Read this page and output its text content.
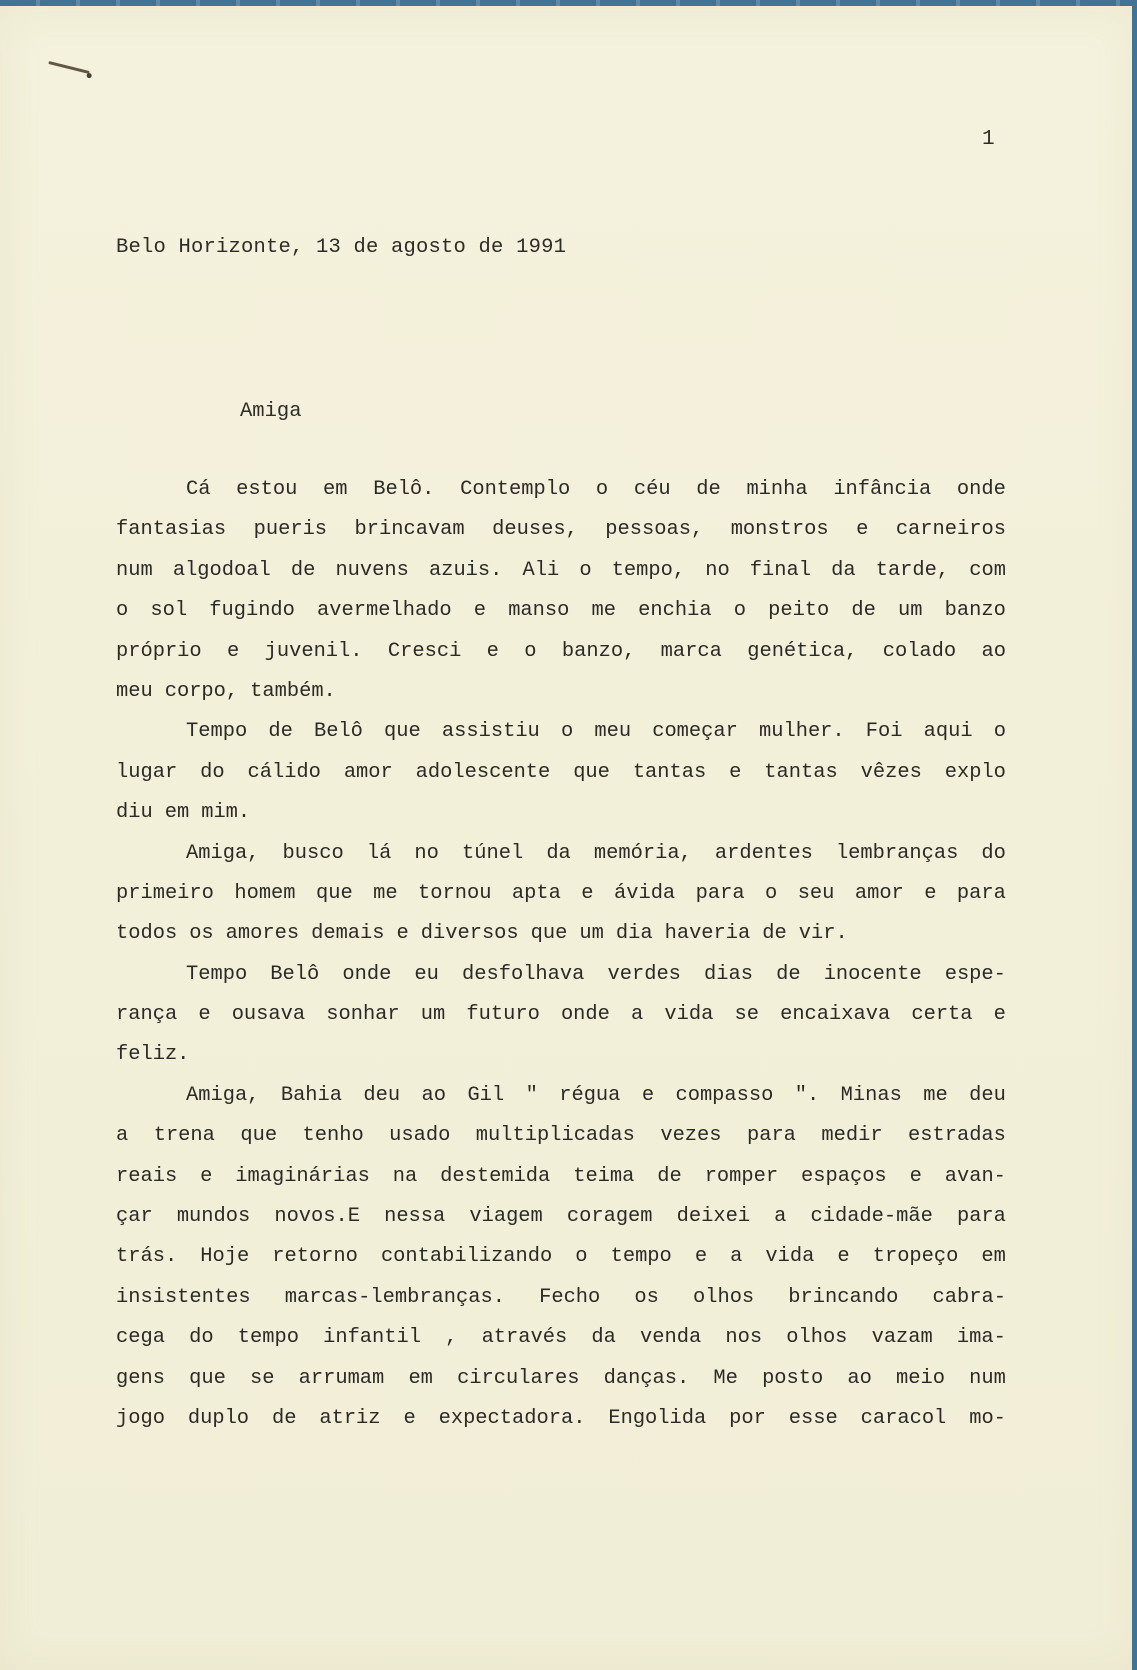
1
Belo Horizonte, 13 de agosto de 1991
Amiga
Cá estou em Belô. Contemplo o céu de minha infância onde
fantasias pueris brincavam deuses, pessoas, monstros e carneiros
num algodoal de nuvens azuis. Ali o tempo, no final da tarde, com
o sol fugindo avermelhado e manso me enchia o peito de um banzo
próprio e juvenil. Cresci e o banzo, marca genética, colado ao
meu corpo, também.
Tempo de Belô que assistiu o meu começar mulher. Foi aqui o
lugar do cálido amor adolescente que tantas e tantas vêzes explo
diu em mim.
Amiga, busco lá no túnel da memória, ardentes lembranças do
primeiro homem que me tornou apta e ávida para o seu amor e para
todos os amores demais e diversos que um dia haveria de vir.
Tempo Belô onde eu desfolhava verdes dias de inocente espe-
rança e ousava sonhar um futuro onde a vida se encaixava certa e
feliz.
Amiga, Bahia deu ao Gil " régua e compasso ". Minas me deu
a trena que tenho usado multiplicadas vezes para medir estradas
reais e imaginárias na destemida teima de romper espaços e avan-
çar mundos novos.E nessa viagem coragem deixei a cidade-mãe para
trás. Hoje retorno contabilizando o tempo e a vida e tropeço em
insistentes marcas-lembranças. Fecho os olhos brincando cabra-
cega do tempo infantil , através da venda nos olhos vazam ima-
gens que se arrumam em circulares danças. Me posto ao meio num
jogo duplo de atriz e expectadora. Engolida por esse caracol mo-
